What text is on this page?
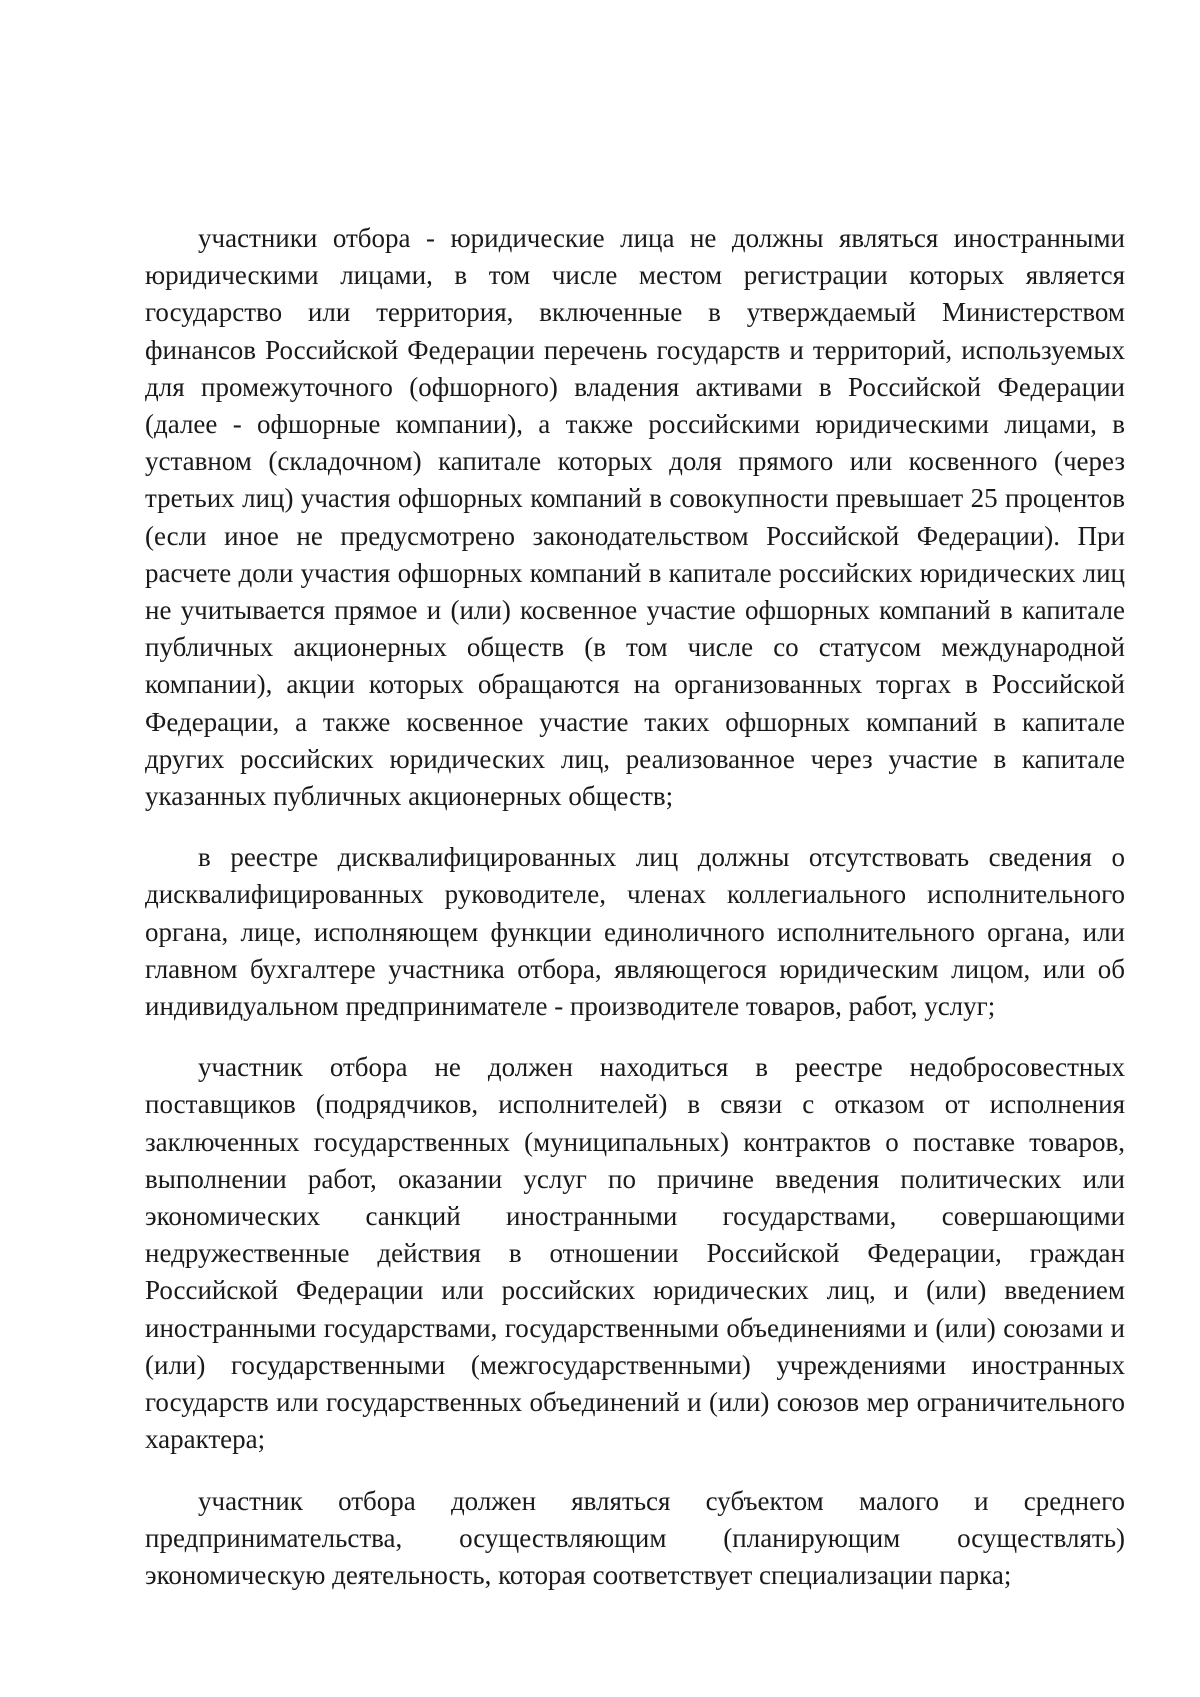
участники отбора - юридические лица не должны являться иностранными юридическими лицами, в том числе местом регистрации которых является государство или территория, включенные в утверждаемый Министерством финансов Российской Федерации перечень государств и территорий, используемых для промежуточного (офшорного) владения активами в Российской Федерации (далее - офшорные компании), а также российскими юридическими лицами, в уставном (складочном) капитале которых доля прямого или косвенного (через третьих лиц) участия офшорных компаний в совокупности превышает 25 процентов (если иное не предусмотрено законодательством Российской Федерации). При расчете доли участия офшорных компаний в капитале российских юридических лиц не учитывается прямое и (или) косвенное участие офшорных компаний в капитале публичных акционерных обществ (в том числе со статусом международной компании), акции которых обращаются на организованных торгах в Российской Федерации, а также косвенное участие таких офшорных компаний в капитале других российских юридических лиц, реализованное через участие в капитале указанных публичных акционерных обществ;

в реестре дисквалифицированных лиц должны отсутствовать сведения о дисквалифицированных руководителе, членах коллегиального исполнительного органа, лице, исполняющем функции единоличного исполнительного органа, или главном бухгалтере участника отбора, являющегося юридическим лицом, или об индивидуальном предпринимателе - производителе товаров, работ, услуг;

участник отбора не должен находиться в реестре недобросовестных поставщиков (подрядчиков, исполнителей) в связи с отказом от исполнения заключенных государственных (муниципальных) контрактов о поставке товаров, выполнении работ, оказании услуг по причине введения политических или экономических санкций иностранными государствами, совершающими недружественные действия в отношении Российской Федерации, граждан Российской Федерации или российских юридических лиц, и (или) введением иностранными государствами, государственными объединениями и (или) союзами и (или) государственными (межгосударственными) учреждениями иностранных государств или государственных объединений и (или) союзов мер ограничительного характера;

участник отбора должен являться субъектом малого и среднего предпринимательства, осуществляющим (планирующим осуществлять) экономическую деятельность, которая соответствует специализации парка;
